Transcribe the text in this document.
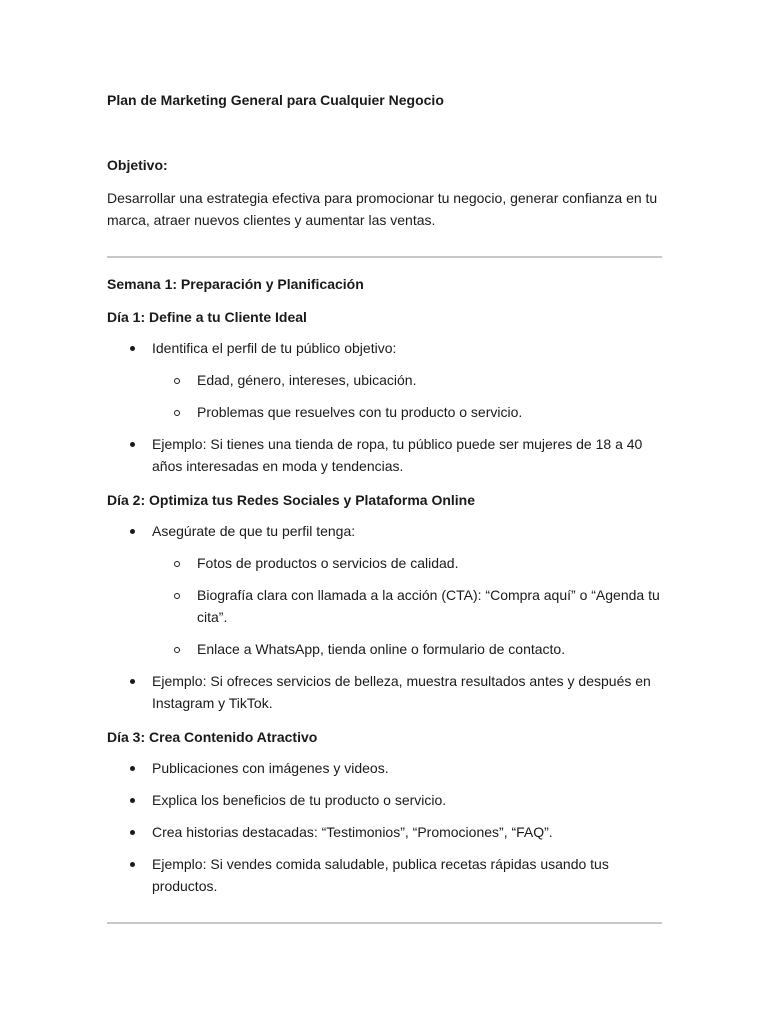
Plan de Marketing General para Cualquier Negocio

Objetivo:

Desarrollar una estrategia efectiva para promocionar tu negocio, generar confianza en tu marca, atraer nuevos clientes y aumentar las ventas.

Semana 1: Preparación y Planificación

Día 1: Define a tu Cliente Ideal

Identifica el perfil de tu público objetivo:
Edad, género, intereses, ubicación.
Problemas que resuelves con tu producto o servicio.
Ejemplo: Si tienes una tienda de ropa, tu público puede ser mujeres de 18 a 40 años interesadas en moda y tendencias.

Día 2: Optimiza tus Redes Sociales y Plataforma Online

Asegúrate de que tu perfil tenga:
Fotos de productos o servicios de calidad.
Biografía clara con llamada a la acción (CTA): “Compra aquí” o “Agenda tu cita”.
Enlace a WhatsApp, tienda online o formulario de contacto.
Ejemplo: Si ofreces servicios de belleza, muestra resultados antes y después en Instagram y TikTok.

Día 3: Crea Contenido Atractivo

Publicaciones con imágenes y videos.
Explica los beneficios de tu producto o servicio.
Crea historias destacadas: “Testimonios”, “Promociones”, “FAQ”.
Ejemplo: Si vendes comida saludable, publica recetas rápidas usando tus productos.
